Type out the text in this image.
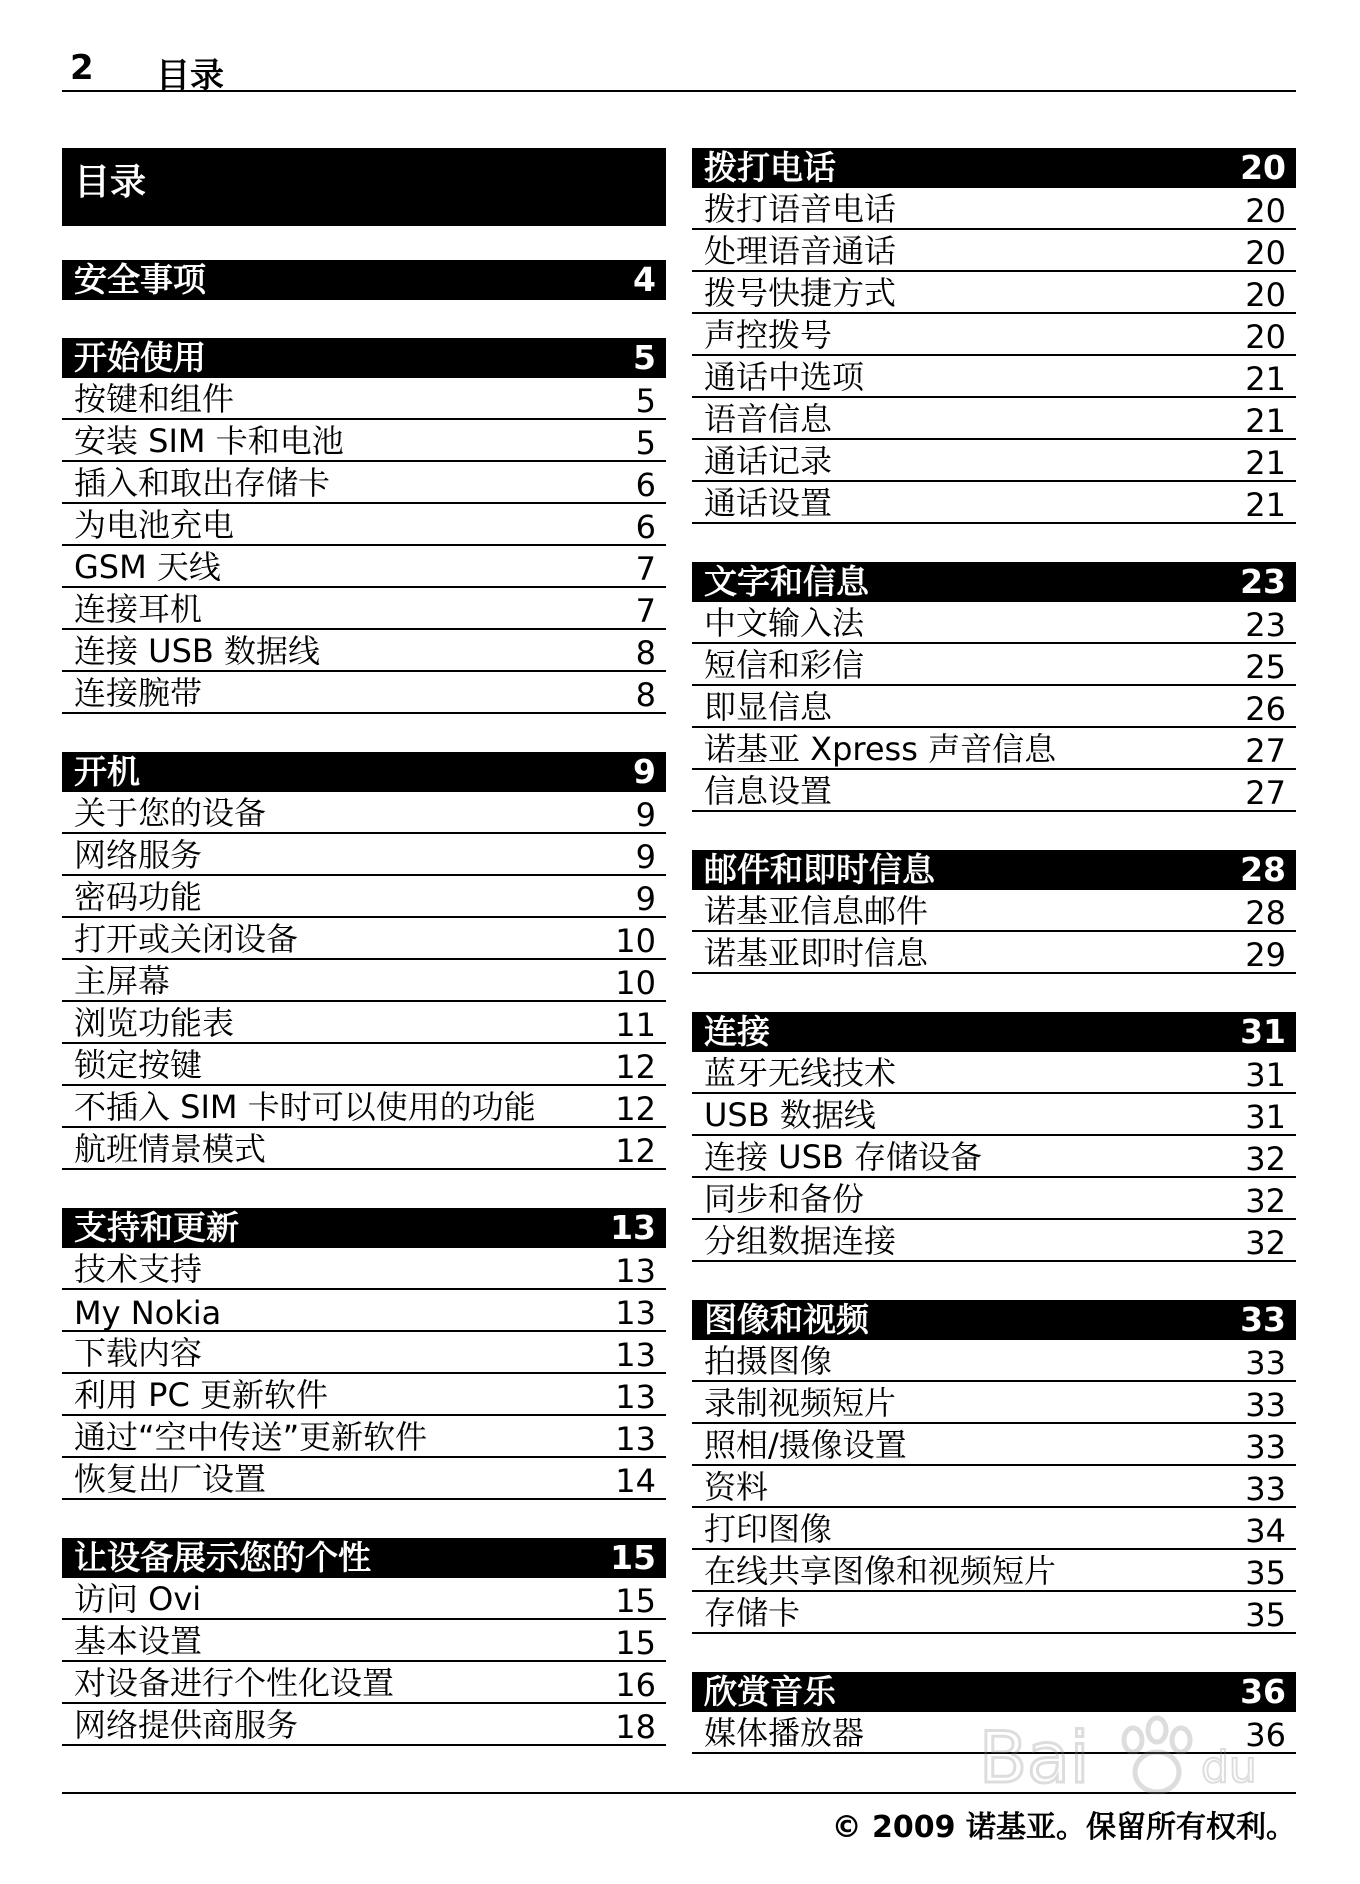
2 目录
目录
安全事项	4
开始使用	5
按键和组件	5
安装 SIM 卡和电池	5
插入和取出存储卡	6
为电池充电	6
GSM 天线	7
连接耳机	7
连接 USB 数据线	8
连接腕带	8
开机	9
关于您的设备	9
网络服务	9
密码功能	9
打开或关闭设备	10
主屏幕	10
浏览功能表	11
锁定按键	12
不插入 SIM 卡时可以使用的功能 12
航班情景模式	12
支持和更新	13
技术支持	13
My Nokia	13
下载内容	13
利用 PC 更新软件	13
通过“空中传送”更新软件	13
恢复出厂设置	14
让设备展示您的个性	15
访问 Ovi	15
基本设置	15
对设备进行个性化设置	16
网络提供商服务	18
拨打电话	20
拨打语音电话	20
处理语音通话	20
拨号快捷方式	20
声控拨号	20
通话中选项	21
语音信息	21
通话记录	21
通话设置	21
文字和信息	23
中文输入法	23
短信和彩信	25
即显信息	26
诺基亚 Xpress 声音信息	27
信息设置	27
邮件和即时信息	28
诺基亚信息邮件	28
诺基亚即时信息	29
连接	31
蓝牙无线技术	31
USB 数据线	31
连接 USB 存储设备	32
同步和备份	32
分组数据连接	32
图像和视频	33
拍摄图像	33
录制视频短片	33
照相/摄像设置	33
资料	33
打印图像	34
在线共享图像和视频短片	35
存储卡	35
欣赏音乐	36
媒体播放器	36
© 2009 诺基亚。保留所有权利。
Bai	du
